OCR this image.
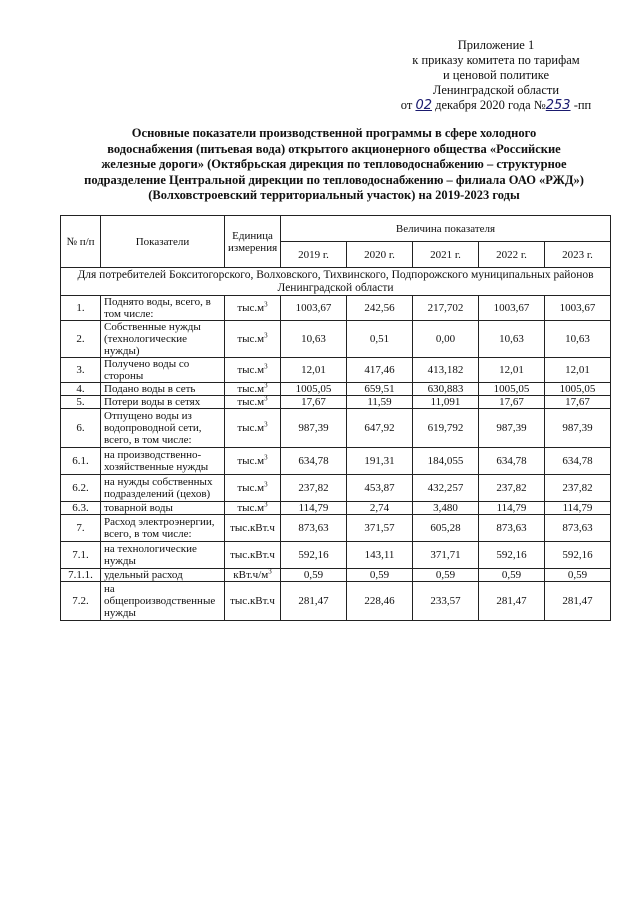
Приложение 1
к приказу комитета по тарифам
и ценовой политике
Ленинградской области
от 02 декабря 2020 года №253 -пп
Основные показатели производственной программы в сфере холодного
водоснабжения (питьевая вода) открытого акционерного общества «Российские
железные дороги» (Октябрьская дирекция по тепловодоснабжению – структурное
подразделение Центральной дирекции по тепловодоснабжению – филиала ОАО «РЖД»)
(Волховстроевский территориальный участок) на 2019-2023 годы
№ п/п	Показатели	Единица измерения	Величина показателя				
			2019 г.	2020 г.	2021 г.	2022 г.	2023 г.
Для потребителей Бокситогорского, Волховского, Тихвинского, Подпорожского муниципальных районов Ленинградской области							
1.	Поднято воды, всего, в том числе:	$тыс.м^3$	1003,67	242,56	217,702	1003,67	1003,67
2.	Собственные нужды (технологические нужды)	$тыс.м^3$	10,63	0,51	0,00	10,63	10,63
3.	Получено воды со стороны	$тыс.м^3$	12,01	417,46	413,182	12,01	12,01
4.	Подано воды в сеть	$тыс.м^3$	1005,05	659,51	630,883	1005,05	1005,05
5.	Потери воды в сетях	$тыс.м^3$	17,67	11,59	11,091	17,67	17,67
6.	Отпущено воды из водопроводной сети, всего, в том числе:	$тыс.м^3$	987,39	647,92	619,792	987,39	987,39
6.1.	на производственно-хозяйственные нужды	$тыс.м^3$	634,78	191,31	184,055	634,78	634,78
6.2.	на нужды собственных подразделений (цехов)	$тыс.м^3$	237,82	453,87	432,257	237,82	237,82
6.3.	товарной воды	$тыс.м^3$	114,79	2,74	3,480	114,79	114,79
7.	Расход электроэнергии, всего, в том числе:	тыс.кВт.ч	873,63	371,57	605,28	873,63	873,63
7.1.	на технологические нужды	тыс.кВт.ч	592,16	143,11	371,71	592,16	592,16
7.1.1.	удельный расход	$кВт.ч/м^3$	0,59	0,59	0,59	0,59	0,59
7.2.	на общепроизводственные нужды	тыс.кВт.ч	281,47	228,46	233,57	281,47	281,47
